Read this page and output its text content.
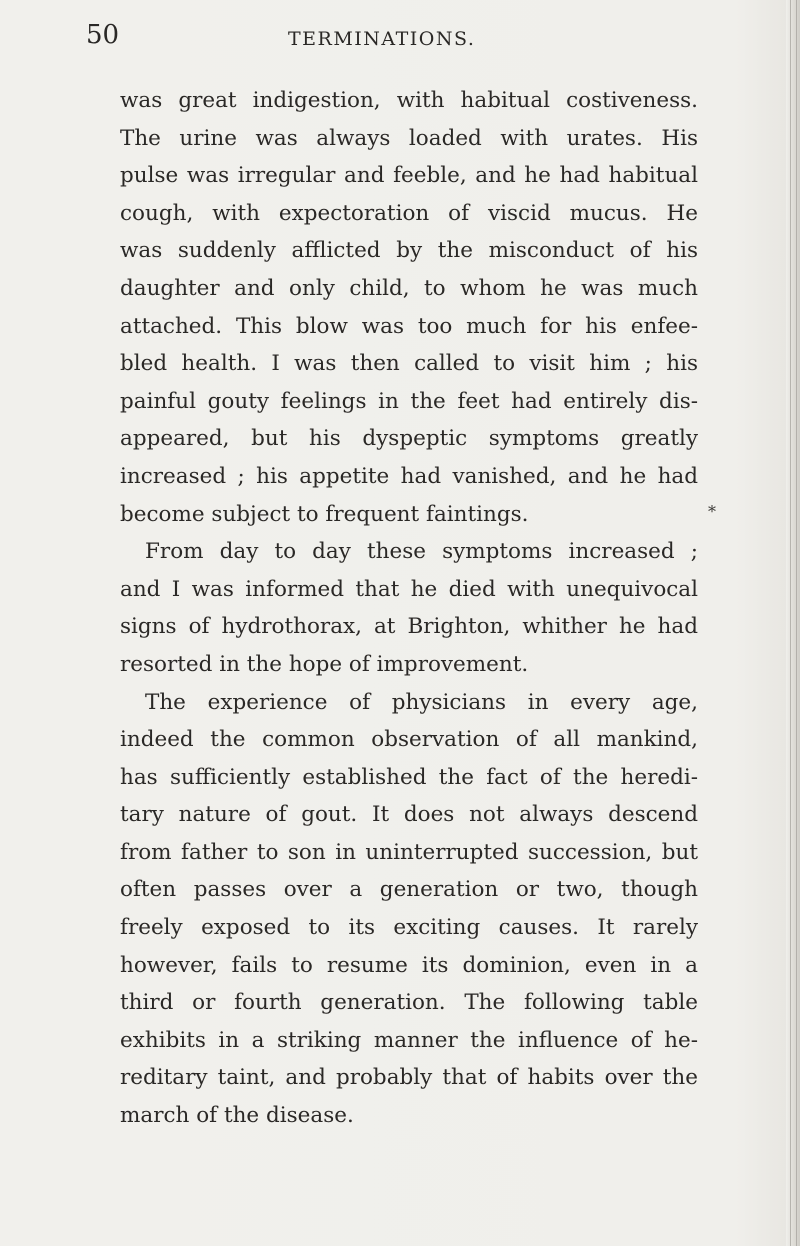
50	TERMINATIONS.
*
was great indigestion, with habitual costiveness.
The urine was always loaded with urates. His
pulse was irregular and feeble, and he had habitual
cough, with expectoration of viscid mucus. He
was suddenly afflicted by the misconduct of his
daughter and only child, to whom he was much
attached. This blow was too much for his enfee-
bled health. I was then called to visit him ; his
painful gouty feelings in the feet had entirely dis-
appeared, but his dyspeptic symptoms greatly
increased ; his appetite had vanished, and he had
become subject to frequent faintings.
From day to day these symptoms increased ;
and I was informed that he died with unequivocal
signs of hydrothorax, at Brighton, whither he had
resorted in the hope of improvement.
The experience of physicians in every age,
indeed the common observation of all mankind,
has sufficiently established the fact of the heredi-
tary nature of gout. It does not always descend
from father to son in uninterrupted succession, but
often passes over a generation or two, though
freely exposed to its exciting causes. It rarely
however, fails to resume its dominion, even in a
third or fourth generation. The following table
exhibits in a striking manner the influence of he-
reditary taint, and probably that of habits over the
march of the disease.
